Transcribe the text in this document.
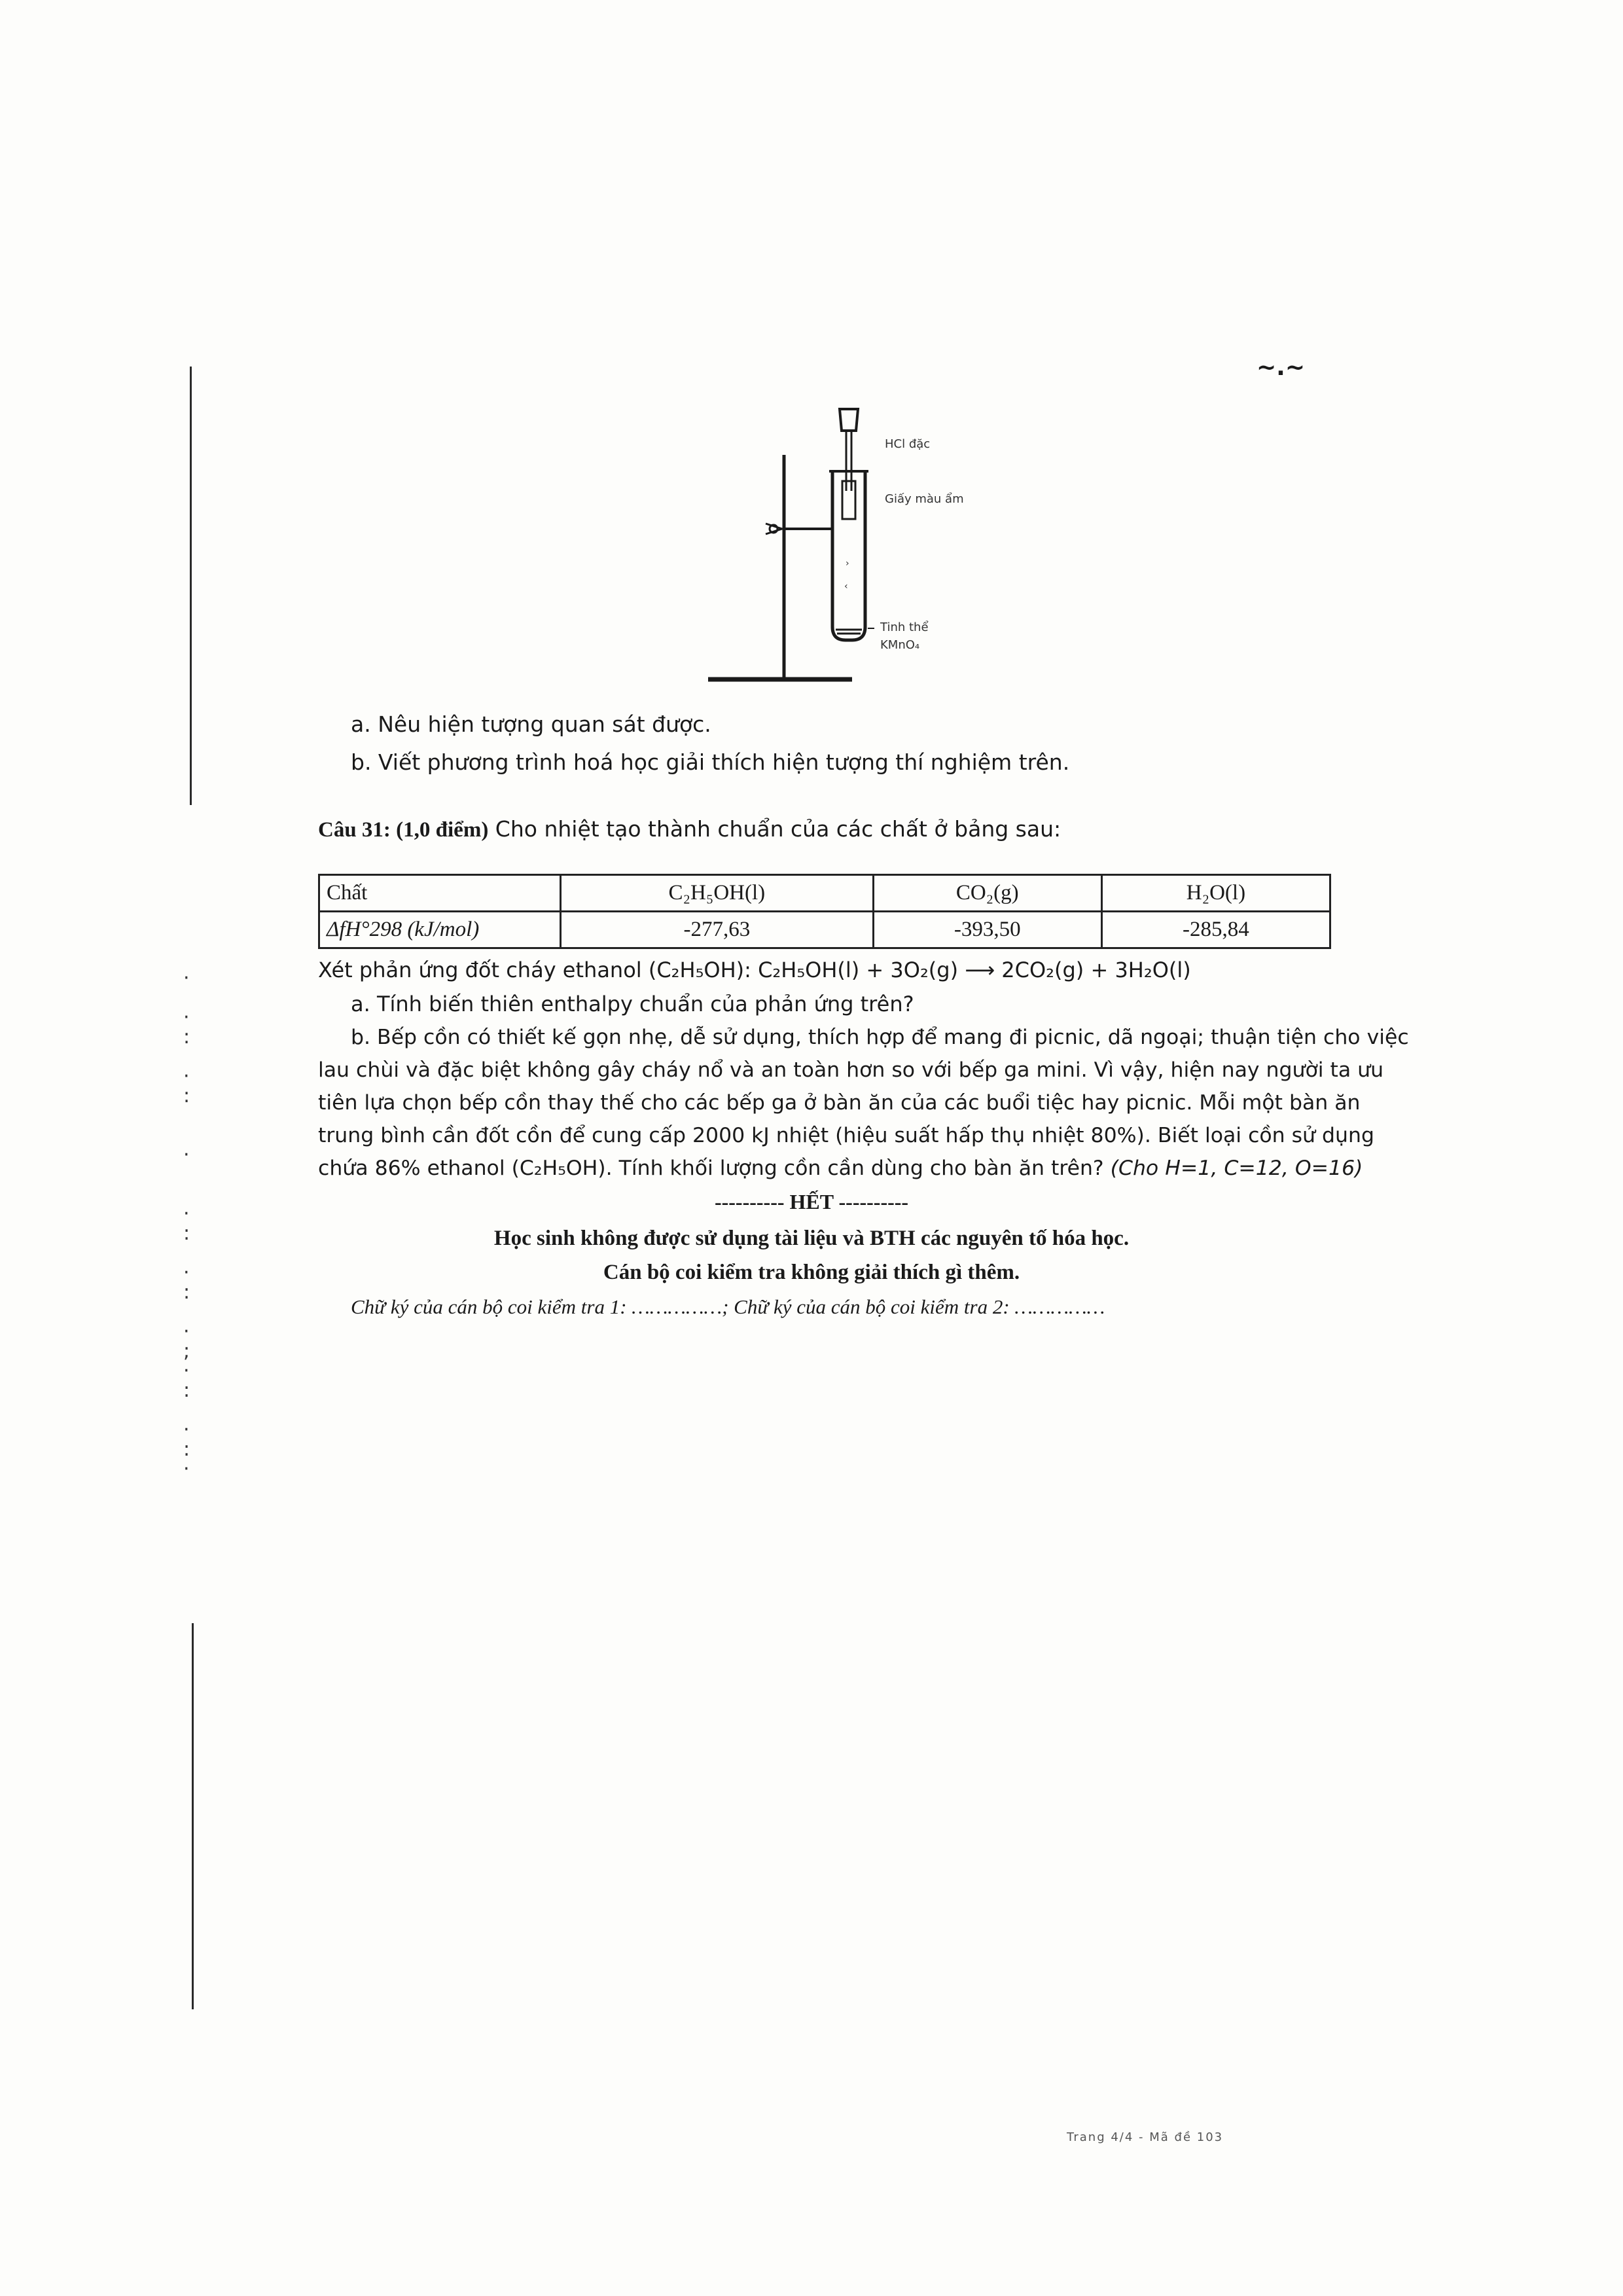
·

·
:

·
:

·

·
:

·
:

·
;
·
:

·
:
·
~.~
›
‹
HCl đặc
Giấy màu ẩm
Tinh thể KMnO₄
a. Nêu hiện tượng quan sát được.
b. Viết phương trình hoá học giải thích hiện tượng thí nghiệm trên.
Câu 31: (1,0 điểm) Cho nhiệt tạo thành chuẩn của các chất ở bảng sau:
Chất	C₂H₅OH(l)	CO₂(g)	H₂O(l)
ΔfH°298 (kJ/mol)	-277,63	-393,50	-285,84
Xét phản ứng đốt cháy ethanol (C₂H₅OH): C₂H₅OH(l) + 3O₂(g) ⟶ 2CO₂(g) + 3H₂O(l)
a. Tính biến thiên enthalpy chuẩn của phản ứng trên?
b. Bếp cồn có thiết kế gọn nhẹ, dễ sử dụng, thích hợp để mang đi picnic, dã ngoại; thuận tiện cho việc
lau chùi và đặc biệt không gây cháy nổ và an toàn hơn so với bếp ga mini. Vì vậy, hiện nay người ta ưu
tiên lựa chọn bếp cồn thay thế cho các bếp ga ở bàn ăn của các buổi tiệc hay picnic. Mỗi một bàn ăn
trung bình cần đốt cồn để cung cấp 2000 kJ nhiệt (hiệu suất hấp thụ nhiệt 80%). Biết loại cồn sử dụng
chứa 86% ethanol (C₂H₅OH). Tính khối lượng cồn cần dùng cho bàn ăn trên? (Cho H=1, C=12, O=16)
---------- HẾT ----------
Học sinh không được sử dụng tài liệu và BTH các nguyên tố hóa học.
Cán bộ coi kiểm tra không giải thích gì thêm.
Chữ ký của cán bộ coi kiểm tra 1: ……………; Chữ ký của cán bộ coi kiểm tra 2: ……………
Trang 4/4 - Mã đề 103
